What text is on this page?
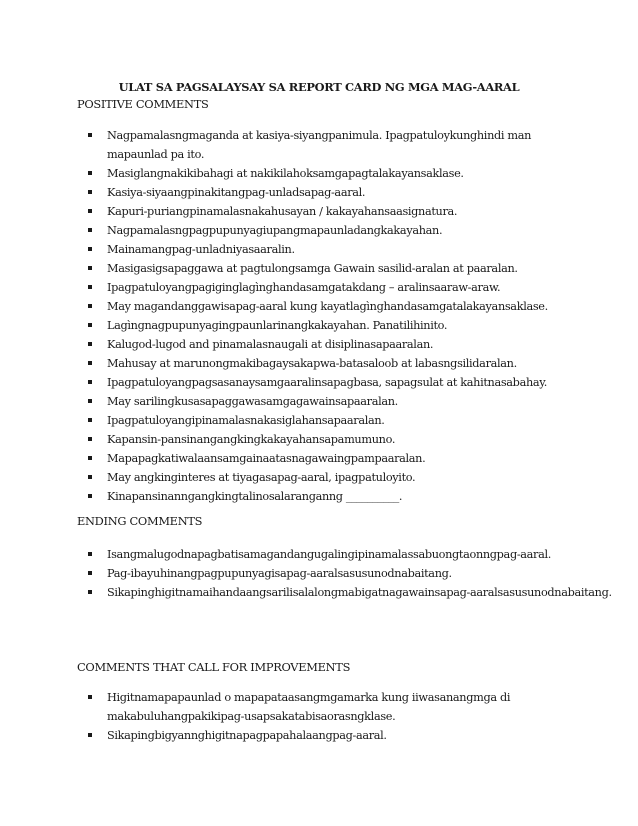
ULAT SA PAGSALAYSAY SA REPORT CARD NG MGA MAG-AARAL
POSITIVE COMMENTS
Nagpamalasngmaganda at kasiya-siyangpanimula. Ipagpatuloykunghindi man mapaunlad pa ito.
Masiglangnakikibahagi at nakikilahoksamgapagtalakayansaklase.
Kasiya-siyaangpinakitangpag-unladsapag-aaral.
Kapuri-puriangpinamalasnakahusayan / kakayahansaasignatura.
Nagpamalasngpagpupunyagiupangmapaunladangkakayahan.
Mainamangpag-unladniyasaaralin.
Masigasigsapaggawa at pagtulongsamga Gawain sasilid-aralan at paaralan.
Ipagpatuloyangpagiginglagìnghandasamgatakdang – aralinsaaraw-araw.
May magandanggawisapag-aaral kung kayatlagìnghandasamgatalakayansaklase.
Lagìngnagpupunyagingpaunlarinangkakayahan. Panatilihinito.
Kalugod-lugod and pinamalasnaugali at disiplinasapaaralan.
Mahusay at marunongmakibagaysakapwa-batasaloob at labasngsilidaralan.
Ipagpatuloyangpagsasanaysamgaaralinsapagbasa, sapagsulat at kahitnasabahay.
May sarilingkusasapaggawasamgagawainsapaaralan.
Ipagpatuloyangipinamalasnakasiglahansapaaralan.
Kapansin-pansinangangkingkakayahansapamumuno.
Mapapagkatiwalaansamgainaatasnagawaingpampaaralan.
May angkinginteres at tiyagasapag-aaral, ipagpatuloyito.
Kinapansinanngangkingtalinosalaranganng __________.
ENDING COMMENTS
Isangmalugodnapagbatisamagandangugalingipinamalassabuongtaonngpag-aaral.
Pag-ibayuhinangpagpupunyagisapag-aaralsasusunodnabaitang.
Sikapinghigitnamaihandaangsarilisalalongmabigatnagawainsapag-aaralsasusunodnabaitang.
COMMENTS THAT CALL FOR IMPROVEMENTS
Higitnamapapaunlad o mapapataasangmgamarka kung iiwasanangmga di makabuluhangpakikipag-usapsakatabisaorasngklase.
Sikapingbigyannghigitnapagpapahalaangpag-aaral.
